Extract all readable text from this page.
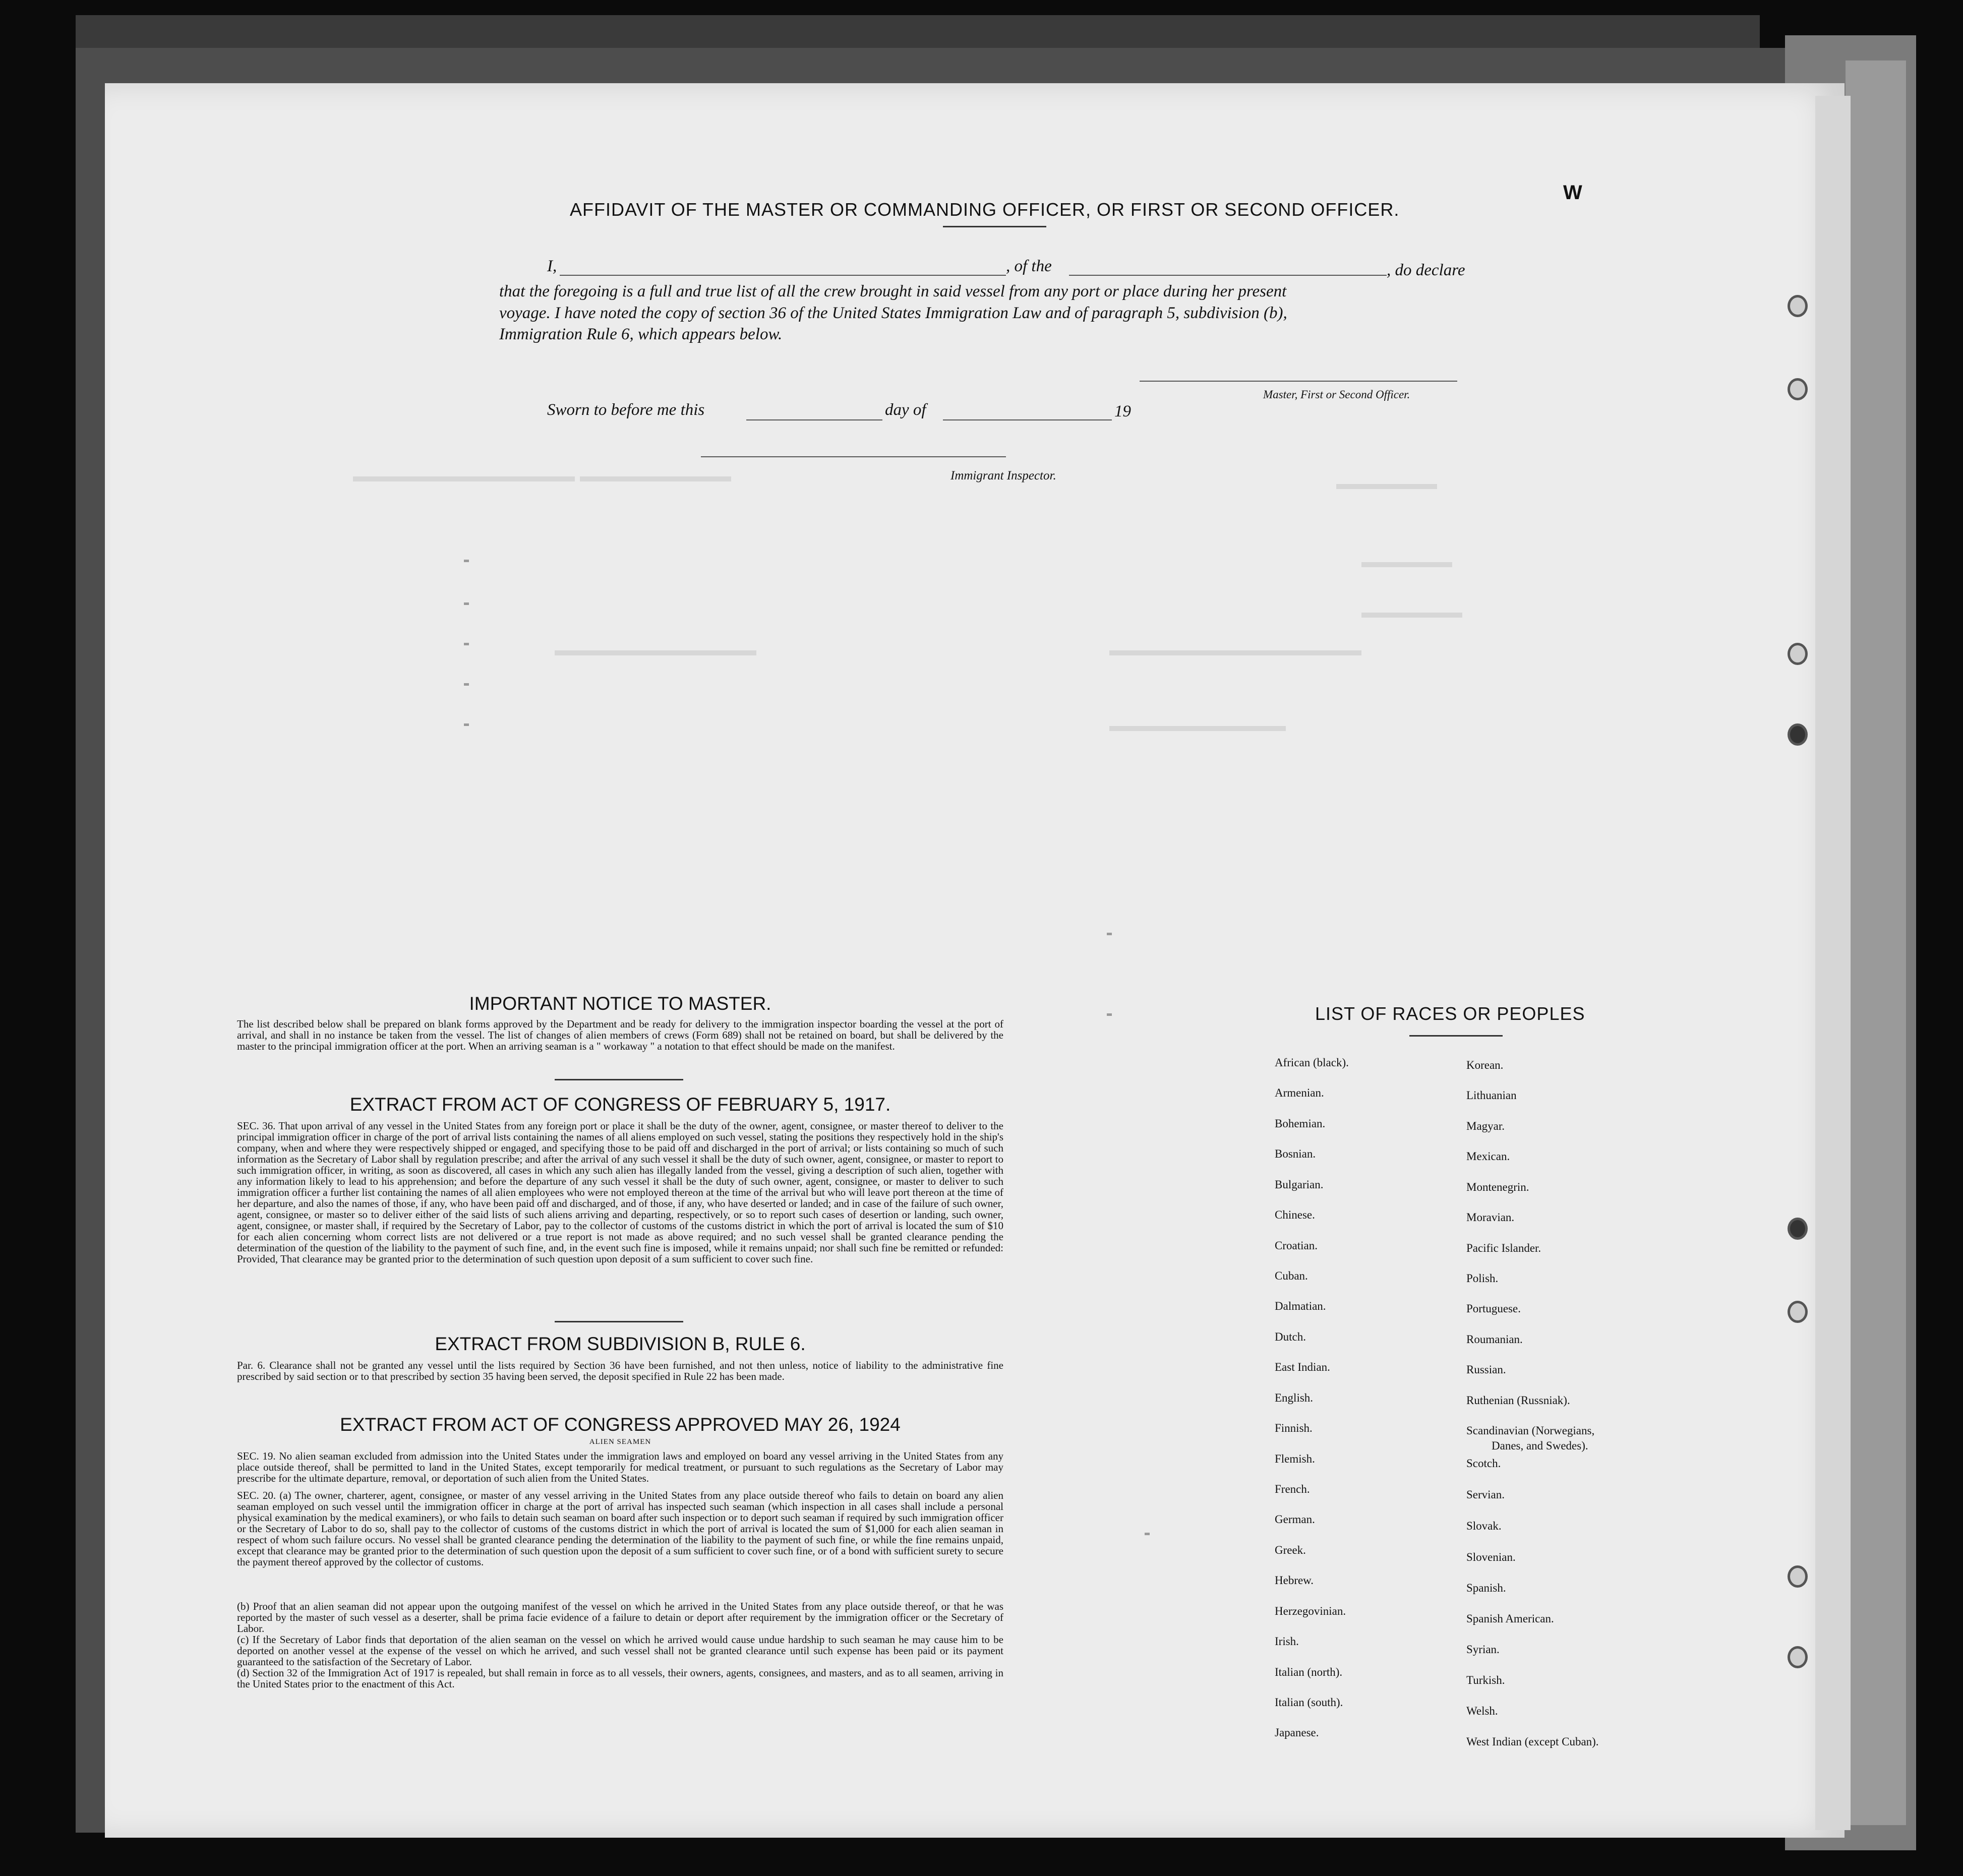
AFFIDAVIT OF THE MASTER OR COMMANDING OFFICER, OR FIRST OR SECOND OFFICER.
W
I,	, of the	, do declare
that the foregoing is a full and true list of all the crew brought in said vessel from any port or place during her present
voyage. I have noted the copy of section 36 of the United States Immigration Law and of paragraph 5, subdivision (b),
Immigration Rule 6, which appears below.
Master, First or Second Officer.
Sworn to before me this	day of	19
Immigrant Inspector.
IMPORTANT NOTICE TO MASTER.
The list described below shall be prepared on blank forms approved by the Department and be ready for delivery to the immigration inspector boarding the vessel at the port of arrival, and shall in no instance be taken from the vessel. The list of changes of alien members of crews (Form 689) shall not be retained on board, but shall be delivered by the master to the principal immigration officer at the port. When an arriving seaman is a " workaway " a notation to that effect should be made on the manifest.
EXTRACT FROM ACT OF CONGRESS OF FEBRUARY 5, 1917.
SEC. 36. That upon arrival of any vessel in the United States from any foreign port or place it shall be the duty of the owner, agent, consignee, or master thereof to deliver to the principal immigration officer in charge of the port of arrival lists containing the names of all aliens employed on such vessel, stating the positions they respectively hold in the ship's company, when and where they were respectively shipped or engaged, and specifying those to be paid off and discharged in the port of arrival; or lists containing so much of such information as the Secretary of Labor shall by regulation prescribe; and after the arrival of any such vessel it shall be the duty of such owner, agent, consignee, or master to report to such immigration officer, in writing, as soon as discovered, all cases in which any such alien has illegally landed from the vessel, giving a description of such alien, together with any information likely to lead to his apprehension; and before the departure of any such vessel it shall be the duty of such owner, agent, consignee, or master to deliver to such immigration officer a further list containing the names of all alien employees who were not employed thereon at the time of the arrival but who will leave port thereon at the time of her departure, and also the names of those, if any, who have been paid off and discharged, and of those, if any, who have deserted or landed; and in case of the failure of such owner, agent, consignee, or master so to deliver either of the said lists of such aliens arriving and departing, respectively, or so to report such cases of desertion or landing, such owner, agent, consignee, or master shall, if required by the Secretary of Labor, pay to the collector of customs of the customs district in which the port of arrival is located the sum of $10 for each alien concerning whom correct lists are not delivered or a true report is not made as above required; and no such vessel shall be granted clearance pending the determination of the question of the liability to the payment of such fine, and, in the event such fine is imposed, while it remains unpaid; nor shall such fine be remitted or refunded: Provided, That clearance may be granted prior to the determination of such question upon deposit of a sum sufficient to cover such fine.
EXTRACT FROM SUBDIVISION B, RULE 6.
Par. 6. Clearance shall not be granted any vessel until the lists required by Section 36 have been furnished, and not then unless, notice of liability to the administrative fine prescribed by said section or to that prescribed by section 35 having been served, the deposit specified in Rule 22 has been made.
EXTRACT FROM ACT OF CONGRESS APPROVED MAY 26, 1924
ALIEN SEAMEN
SEC. 19. No alien seaman excluded from admission into the United States under the immigration laws and employed on board any vessel arriving in the United States from any place outside thereof, shall be permitted to land in the United States, except temporarily for medical treatment, or pursuant to such regulations as the Secretary of Labor may prescribe for the ultimate departure, removal, or deportation of such alien from the United States.
SEC. 20. (a) The owner, charterer, agent, consignee, or master of any vessel arriving in the United States from any place outside thereof who fails to detain on board any alien seaman employed on such vessel until the immigration officer in charge at the port of arrival has inspected such seaman (which inspection in all cases shall include a personal physical examination by the medical examiners), or who fails to detain such seaman on board after such inspection or to deport such seaman if required by such immigration officer or the Secretary of Labor to do so, shall pay to the collector of customs of the customs district in which the port of arrival is located the sum of $1,000 for each alien seaman in respect of whom such failure occurs. No vessel shall be granted clearance pending the determination of the liability to the payment of such fine, or while the fine remains unpaid, except that clearance may be granted prior to the determination of such question upon the deposit of a sum sufficient to cover such fine, or of a bond with sufficient surety to secure the payment thereof approved by the collector of customs.
(b) Proof that an alien seaman did not appear upon the outgoing manifest of the vessel on which he arrived in the United States from any place outside thereof, or that he was reported by the master of such vessel as a deserter, shall be prima facie evidence of a failure to detain or deport after requirement by the immigration officer or the Secretary of Labor.
(c) If the Secretary of Labor finds that deportation of the alien seaman on the vessel on which he arrived would cause undue hardship to such seaman he may cause him to be deported on another vessel at the expense of the vessel on which he arrived, and such vessel shall not be granted clearance until such expense has been paid or its payment guaranteed to the satisfaction of the Secretary of Labor.
(d) Section 32 of the Immigration Act of 1917 is repealed, but shall remain in force as to all vessels, their owners, agents, consignees, and masters, and as to all seamen, arriving in the United States prior to the enactment of this Act.
LIST OF RACES OR PEOPLES
African (black).
Armenian.
Bohemian.
Bosnian.
Bulgarian.
Chinese.
Croatian.
Cuban.
Dalmatian.
Dutch.
East Indian.
English.
Finnish.
Flemish.
French.
German.
Greek.
Hebrew.
Herzegovinian.
Irish.
Italian (north).
Italian (south).
Japanese.
Korean.
Lithuanian
Magyar.
Mexican.
Montenegrin.
Moravian.
Pacific Islander.
Polish.
Portuguese.
Roumanian.
Russian.
Ruthenian (Russniak).
Scandinavian (Norwegians,
Danes, and Swedes).
Scotch.
Servian.
Slovak.
Slovenian.
Spanish.
Spanish American.
Syrian.
Turkish.
Welsh.
West Indian (except Cuban).
